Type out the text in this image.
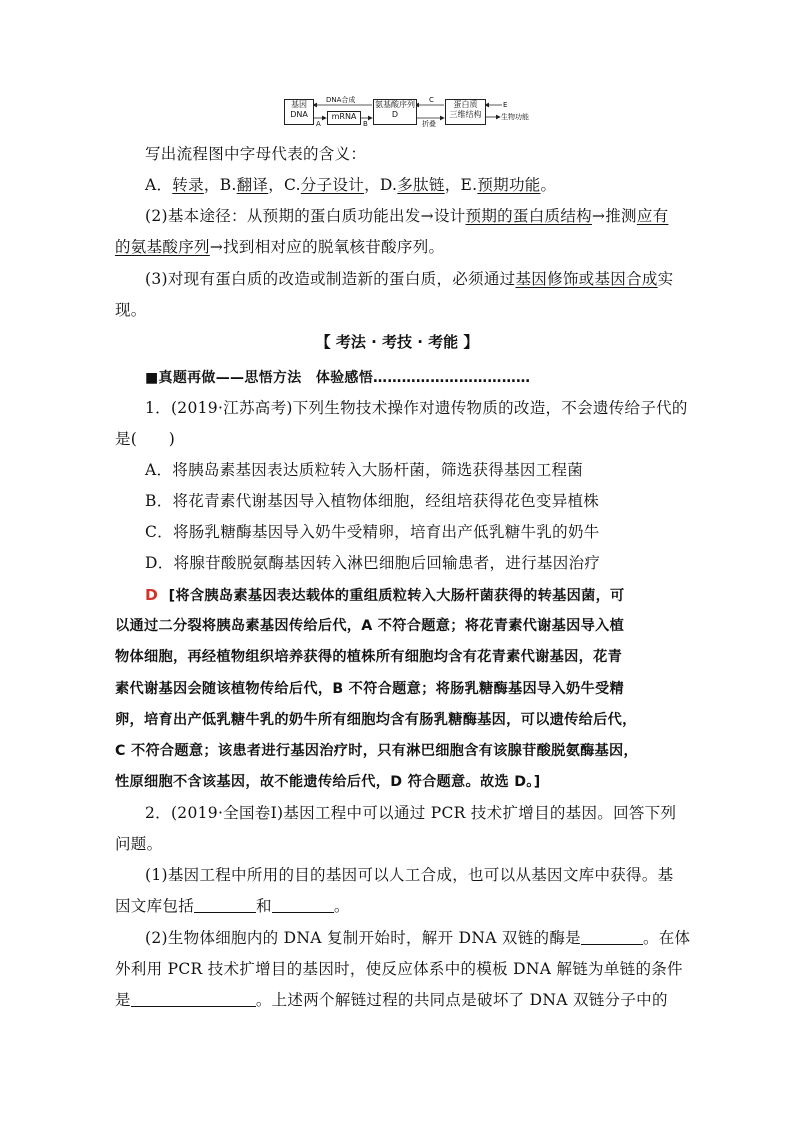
基因
DNA	mRNA
氨基酸序列
D
蛋白质
三维结构
DNA合成
A	B
C
折叠
E
生物功能
写出流程图中字母代表的含义：
A．转录，B.翻译，C.分子设计，D.多肽链，E.预期功能。
(2)基本途径：从预期的蛋白质功能出发→设计预期的蛋白质结构→推测应有
的氨基酸序列→找到相对应的脱氧核苷酸序列。
(3)对现有蛋白质的改造或制造新的蛋白质，必须通过基因修饰或基因合成实
现。
【 考法 · 考技 · 考能 】
■真题再做——思悟方法　体验感悟……………………………
1．(2019·江苏高考)下列生物技术操作对遗传物质的改造，不会遗传给子代的
是(　　)
A．将胰岛素基因表达质粒转入大肠杆菌，筛选获得基因工程菌
B．将花青素代谢基因导入植物体细胞，经组培获得花色变异植株
C．将肠乳糖酶基因导入奶牛受精卵，培育出产低乳糖牛乳的奶牛
D．将腺苷酸脱氨酶基因转入淋巴细胞后回输患者，进行基因治疗
D [将含胰岛素基因表达载体的重组质粒转入大肠杆菌获得的转基因菌，可
以通过二分裂将胰岛素基因传给后代，A 不符合题意；将花青素代谢基因导入植
物体细胞，再经植物组织培养获得的植株所有细胞均含有花青素代谢基因，花青
素代谢基因会随该植物传给后代，B 不符合题意；将肠乳糖酶基因导入奶牛受精
卵，培育出产低乳糖牛乳的奶牛所有细胞均含有肠乳糖酶基因，可以遗传给后代，
C 不符合题意；该患者进行基因治疗时，只有淋巴细胞含有该腺苷酸脱氨酶基因，
性原细胞不含该基因，故不能遗传给后代，D 符合题意。故选 D。]
2．(2019·全国卷Ⅰ)基因工程中可以通过 PCR 技术扩增目的基因。回答下列
问题。
(1)基因工程中所用的目的基因可以人工合成，也可以从基因文库中获得。基
因文库包括	和	。
(2)生物体细胞内的 DNA 复制开始时，解开 DNA 双链的酶是	。在体
外利用 PCR 技术扩增目的基因时，使反应体系中的模板 DNA 解链为单链的条件
是	。上述两个解链过程的共同点是破坏了 DNA 双链分子中的
